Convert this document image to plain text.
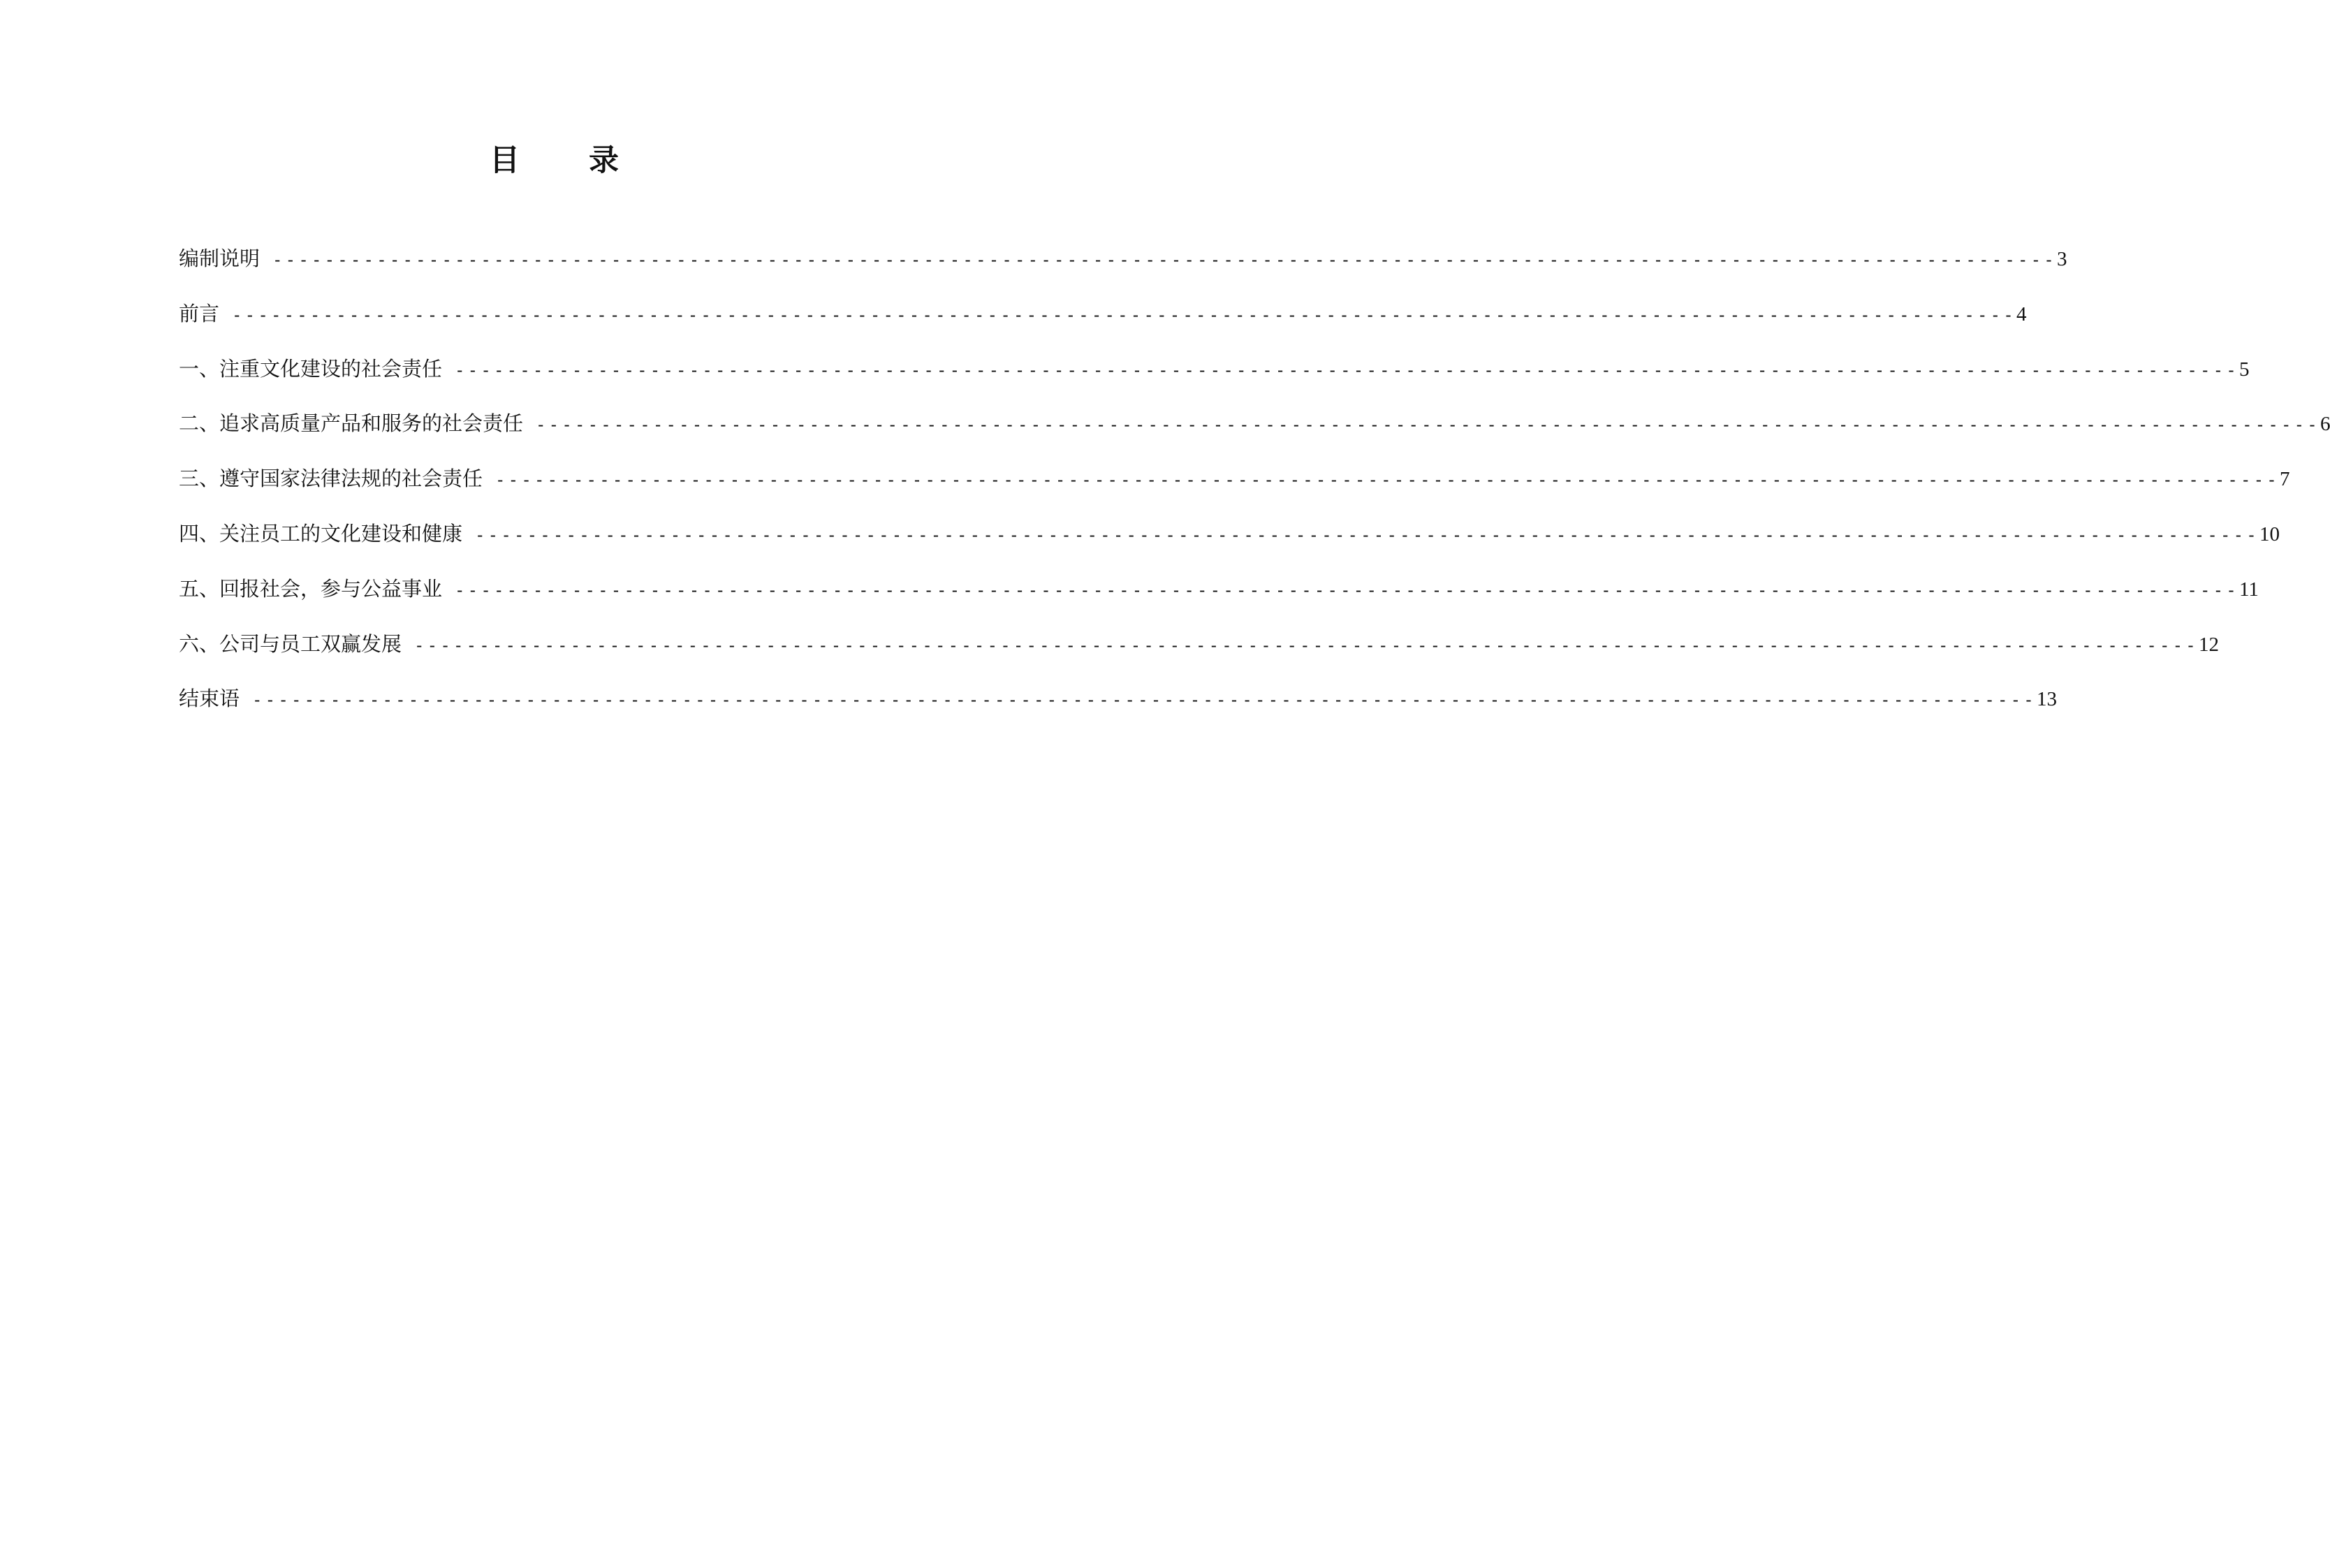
目 录
编制说明 ----------------------------------------------------------------------------------------------------------------------------------------- 3
前言 ----------------------------------------------------------------------------------------------------------------------------------------- 4
一、注重文化建设的社会责任 ----------------------------------------------------------------------------------------------------------------------------------------- 5
二、追求高质量产品和服务的社会责任 ----------------------------------------------------------------------------------------------------------------------------------------- 6
三、遵守国家法律法规的社会责任 ----------------------------------------------------------------------------------------------------------------------------------------- 7
四、关注员工的文化建设和健康 ----------------------------------------------------------------------------------------------------------------------------------------- 10
五、回报社会，参与公益事业 ----------------------------------------------------------------------------------------------------------------------------------------- 11
六、公司与员工双赢发展 ----------------------------------------------------------------------------------------------------------------------------------------- 12
结束语 ----------------------------------------------------------------------------------------------------------------------------------------- 13
